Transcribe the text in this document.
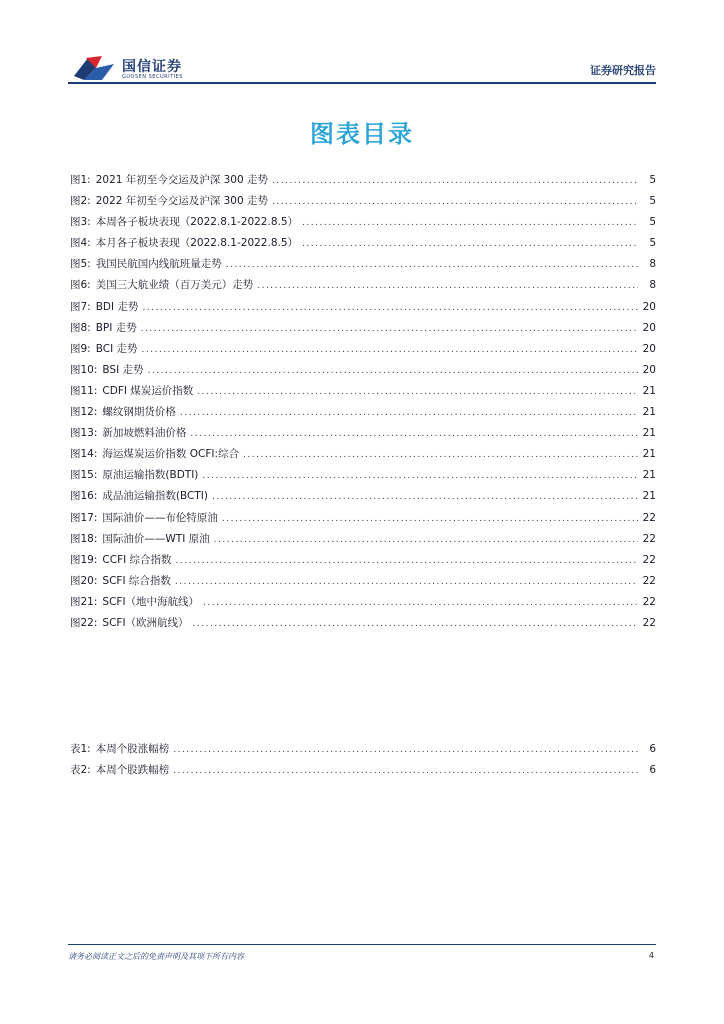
国信证券
GUOSEN SECURITIES	证券研究报告
图表目录
图1: 2021 年初至今交运及沪深 300 走势 .....	5
图2: 2022 年初至今交运及沪深 300 走势 .....	5
图3: 本周各子板块表现（2022.8.1-2022.8.5） .....	5
图4: 本月各子板块表现（2022.8.1-2022.8.5） .....	5
图5: 我国民航国内线航班量走势 .....	8
图6: 美国三大航业绩（百万美元）走势 .....	8
图7: BDI 走势 .....	20
图8: BPI 走势 .....	20
图9: BCI 走势 .....	20
图10: BSI 走势 .....	20
图11: CDFI 煤炭运价指数 .....	21
图12: 螺纹钢期货价格 .....	21
图13: 新加坡燃料油价格 .....	21
图14: 海运煤炭运价指数 OCFI:综合 .....	21
图15: 原油运输指数(BDTI) .....	21
图16: 成品油运输指数(BCTI) .....	21
图17: 国际油价——布伦特原油 .....	22
图18: 国际油价——WTI 原油 .....	22
图19: CCFI 综合指数 .....	22
图20: SCFI 综合指数 .....	22
图21: SCFI（地中海航线） .....	22
图22: SCFI（欧洲航线） .....	22
表1: 本周个股涨幅榜 .....	6
表2: 本周个股跌幅榜 .....	6
请务必阅读正文之后的免责声明及其项下所有内容	4
